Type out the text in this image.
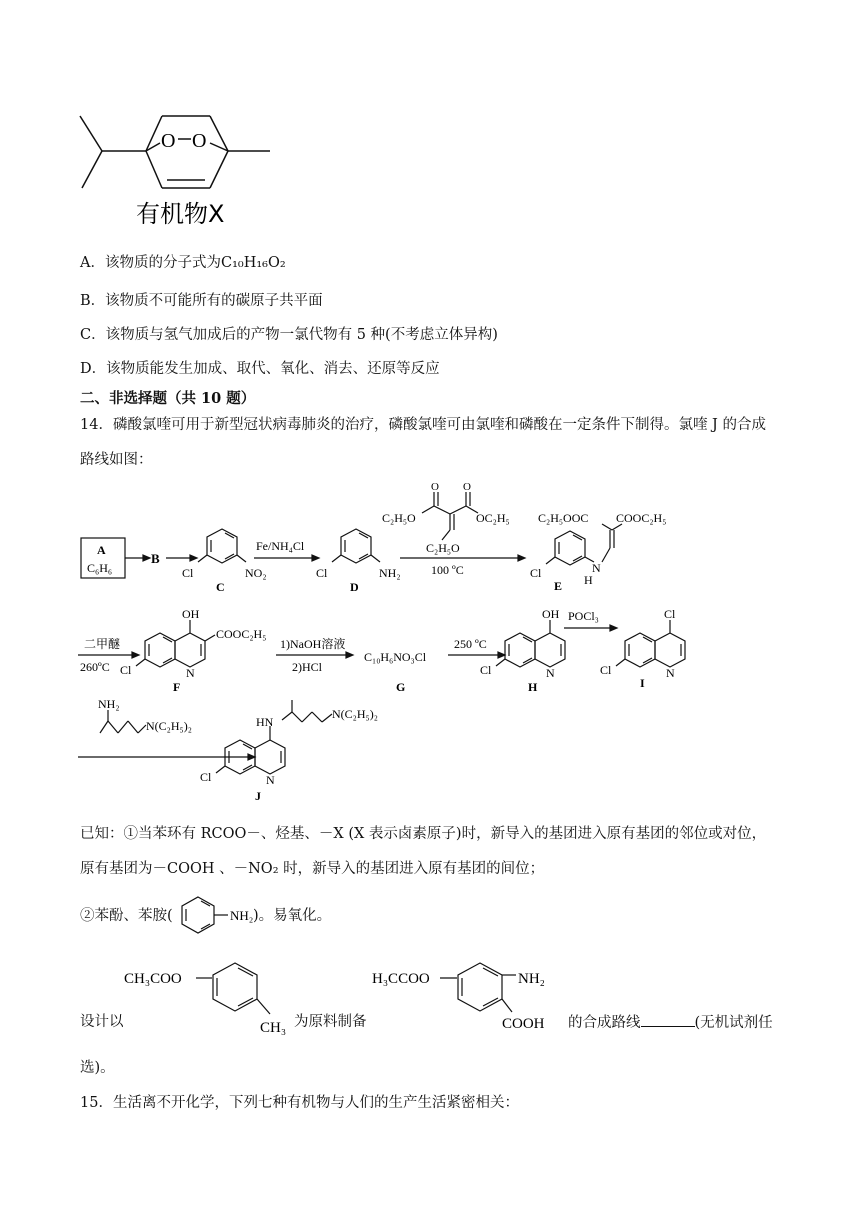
O O
有机物X
A．该物质的分子式为C₁₀H₁₆O₂
B．该物质不可能所有的碳原子共平面
C．该物质与氢气加成后的产物一氯代物有 5 种(不考虑立体异构)
D．该物质能发生加成、取代、氧化、消去、还原等反应
二、非选择题（共 10 题）
14．磷酸氯喹可用于新型冠状病毒肺炎的治疗，磷酸氯喹可由氯喹和磷酸在一定条件下制得。氯喹 J 的合成
路线如图：
A
C₆H₆
B
Cl	NO₂
C
Fe/NH₄Cl
Cl	NH₂
D
O O
C₂H₅O	OC₂H₅
C₂H₅O
100 ºC
C₂H₅OOC COOC₂H₅
Cl	N
H
E
二甲醚
260ºC
OH
COOC₂H₅
Cl	N
F
1)NaOH溶液
2)HCl
C₁₀H₆NO₃Cl
G
250 ºC
OH
Cl	N
H
POCl₃	Cl
Cl	N
I
NH₂
N(C₂H₅)₂	HN
N(C₂H₅)₂
Cl	N
J
已知：①当苯环有 RCOO－、烃基、－X (X 表示卤素原子)时，新导入的基团进入原有基团的邻位或对位，
原有基团为－COOH 、－NO₂ 时，新导入的基团进入原有基团的间位；
②苯酚、苯胺(	NH₂ )。易氧化。
设计以
CH₃COO
CH₃ 为原料制备
H₃CCOO	NH₂
COOH 的合成路线	(无机试剂任
选)。
15．生活离不开化学，下列七种有机物与人们的生产生活紧密相关：
